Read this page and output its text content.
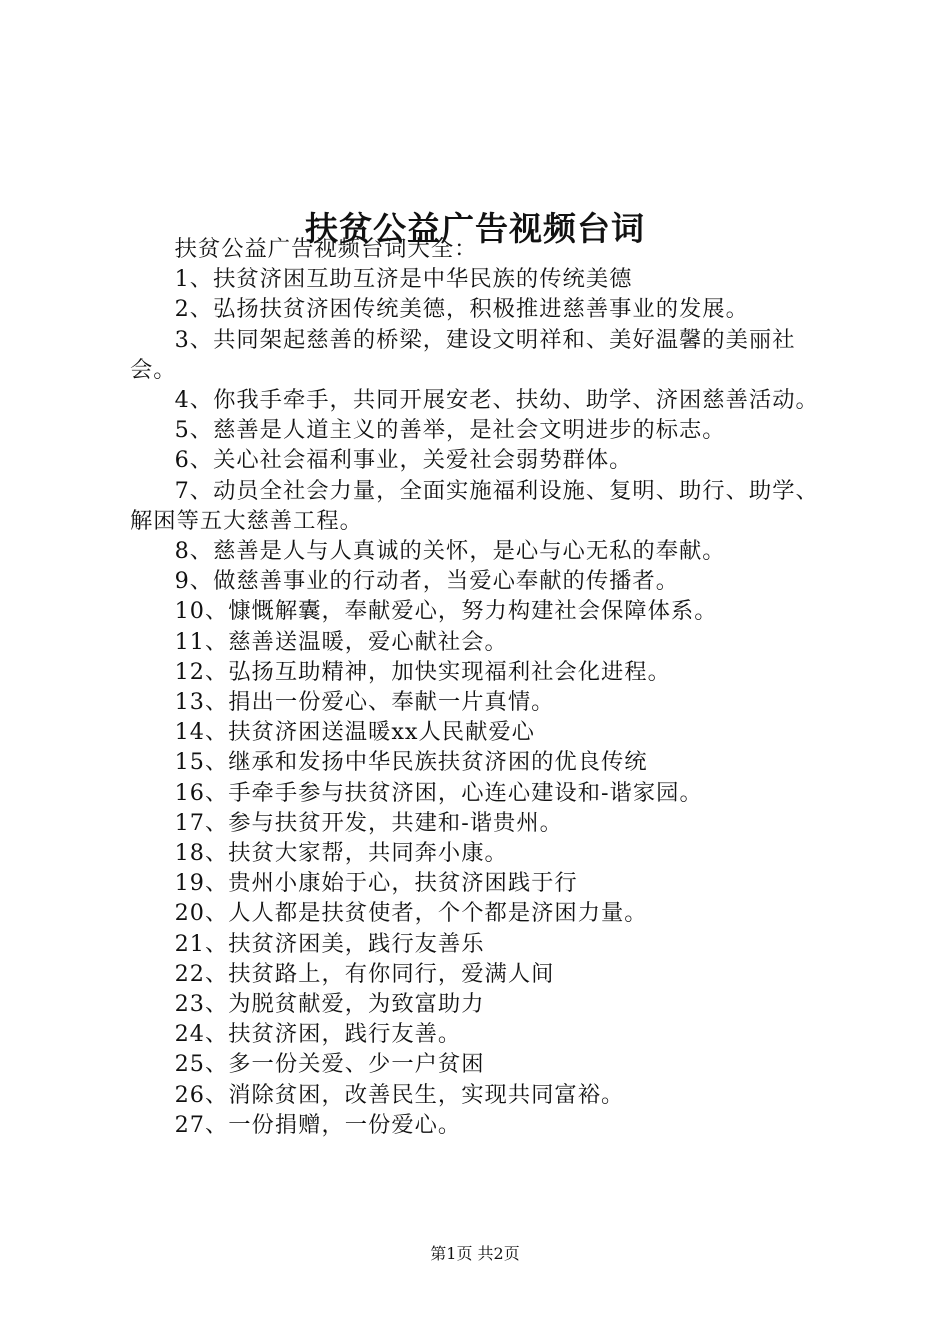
扶贫公益广告视频台词

扶贫公益广告视频台词大全：

1、扶贫济困互助互济是中华民族的传统美德

2、弘扬扶贫济困传统美德，积极推进慈善事业的发展。

3、共同架起慈善的桥梁，建设文明祥和、美好温馨的美丽社会。

4、你我手牵手，共同开展安老、扶幼、助学、济困慈善活动。

5、慈善是人道主义的善举，是社会文明进步的标志。

6、关心社会福利事业，关爱社会弱势群体。

7、动员全社会力量，全面实施福利设施、复明、助行、助学、解困等五大慈善工程。

8、慈善是人与人真诚的关怀，是心与心无私的奉献。

9、做慈善事业的行动者，当爱心奉献的传播者。

10、慷慨解囊，奉献爱心，努力构建社会保障体系。

11、慈善送温暖，爱心献社会。

12、弘扬互助精神，加快实现福利社会化进程。

13、捐出一份爱心、奉献一片真情。

14、扶贫济困送温暖xx人民献爱心

15、继承和发扬中华民族扶贫济困的优良传统

16、手牵手参与扶贫济困，心连心建设和-谐家园。

17、参与扶贫开发，共建和-谐贵州。

18、扶贫大家帮，共同奔小康。

19、贵州小康始于心，扶贫济困践于行

20、人人都是扶贫使者，个个都是济困力量。

21、扶贫济困美，践行友善乐

22、扶贫路上，有你同行，爱满人间

23、为脱贫献爱，为致富助力

24、扶贫济困，践行友善。

25、多一份关爱、少一户贫困

26、消除贫困，改善民生，实现共同富裕。

27、一份捐赠，一份爱心。

第1页 共2页
